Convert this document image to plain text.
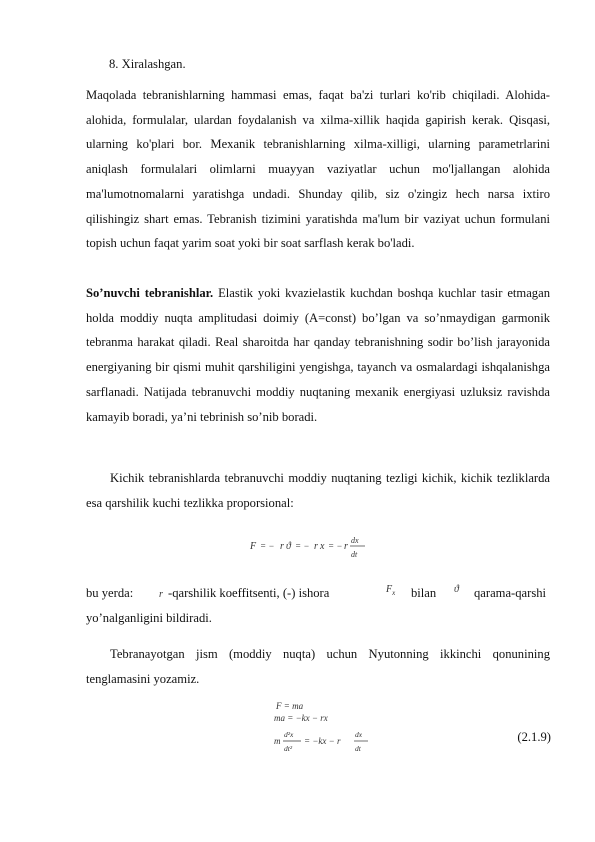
8. Xiralashgan.

Maqolada tebranishlarning hammasi emas, faqat ba'zi turlari ko'rib chiqiladi. Alohida-alohida, formulalar, ulardan foydalanish va xilma-xillik haqida gapirish kerak. Qisqasi, ularning ko'plari bor. Mexanik tebranishlarning xilma-xilligi, ularning parametrlarini aniqlash formulalari olimlarni muayyan vaziyatlar uchun mo'ljallangan alohida ma'lumotnomalarni yaratishga undadi. Shunday qilib, siz o'zingiz hech narsa ixtiro qilishingiz shart emas. Tebranish tizimini yaratishda ma'lum bir vaziyat uchun formulani topish uchun faqat yarim soat yoki bir soat sarflash kerak bo'ladi.

So’nuvchi tebranishlar. Elastik yoki kvazielastik kuchdan boshqa kuchlar tasir etmagan holda moddiy nuqta amplitudasi doimiy (A=const) bo’lgan va so’nmaydigan garmonik tebranma harakat qiladi. Real sharoitda har qanday tebranishning sodir bo’lish jarayonida energiyaning bir qismi muhit qarshiligini yengishga, tayanch va osmalardagi ishqalanishga sarflanadi. Natijada tebranuvchi moddiy nuqtaning mexanik energiyasi uzluksiz ravishda kamayib boradi, ya’ni tebrinish so’nib boradi.

Kichik tebranishlarda tebranuvchi moddiy nuqtaning tezligi kichik, kichik tezliklarda esa qarshilik kuchi tezlikka proporsional:

F = − r ϑ = − r x = − r
dx
dt
bu yerda:	r -qarshilik koeffitsenti, (-) ishora	$F_x$ bilan ϑ qarama-qarshi
yo’nalganligini bildiradi.

Tebranayotgan jism (moddiy nuqta) uchun Nyutonning ikkinchi qonunining tenglamasini yozamiz.

F = ma
ma = −kx − rx
m
d²x
dt²
= −kx − r
dx
dt
(2.1.9)
